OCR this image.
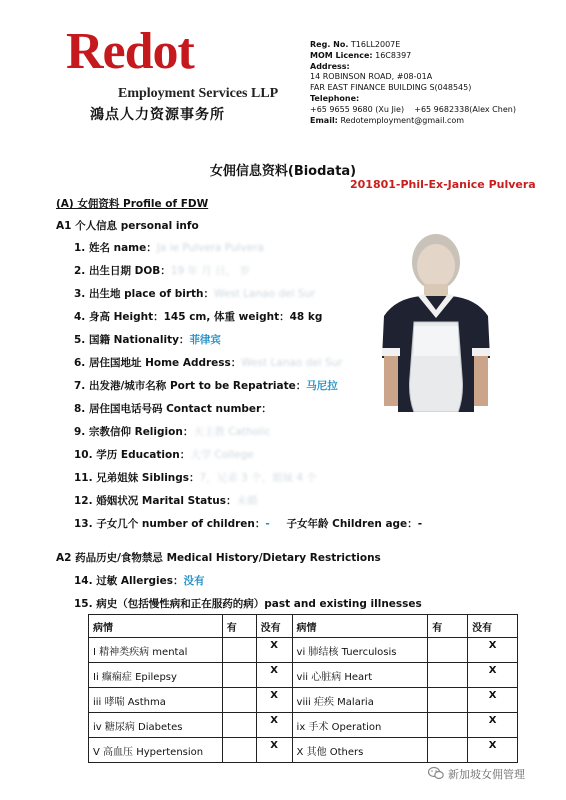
Redot
Employment Services LLP
鴻点人力资源事务所
Reg. No. T16LL2007E
MOM Licence: 16C8397
Address:
14 ROBINSON ROAD, #08-01A
FAR EAST FINANCE BUILDING S(048545)
Telephone:
+65 9655 9680 (Xu Jie)    +65 9682338(Alex Chen)
Email: Redotemployment@gmail.com
女佣信息资料(Biodata)
201801-Phil-Ex-Janice Pulvera
(A) 女佣资料 Profile of FDW
A1 个人信息 personal info
1. 姓名 name：Ja ie Pulvera Pulvera
2. 出生日期 DOB：19 年 月 日， 岁
3. 出生地 place of birth：West Lanao del Sur
4. 身高 Height：145 cm, 体重 weight：48 kg
5. 国籍 Nationality：菲律宾
6. 居住国地址 Home Address：West Lanao del Sur
7. 出发港/城市名称 Port to be Repatriate：马尼拉
8. 居住国电话号码 Contact number：
9. 宗教信仰 Religion：天主教 Catholic
10. 学历 Education：大学 College
11. 兄弟姐妹 Siblings：7，兄弟 3 个，姐妹 4 个
12. 婚姻状况 Marital Status：未婚
13. 子女几个 number of children：- 子女年龄 Children age：-
A2 药品历史/食物禁忌 Medical History/Dietary Restrictions
14. 过敏 Allergies：没有
15. 病史（包括慢性病和正在服药的病）past and existing illnesses
病情	有	没有	病情	有	没有
I 精神类疾病 mental		X	vi 肺结核 Tuerculosis		X
Ii 癫痫症 Epilepsy		X	vii 心脏病 Heart		X
iii 哮喘 Asthma		X	viii 疟疾 Malaria		X
iv 糖尿病 Diabetes		X	ix 手术 Operation		X
V 高血压 Hypertension		X	X 其他 Others		X
新加坡女佣管理
